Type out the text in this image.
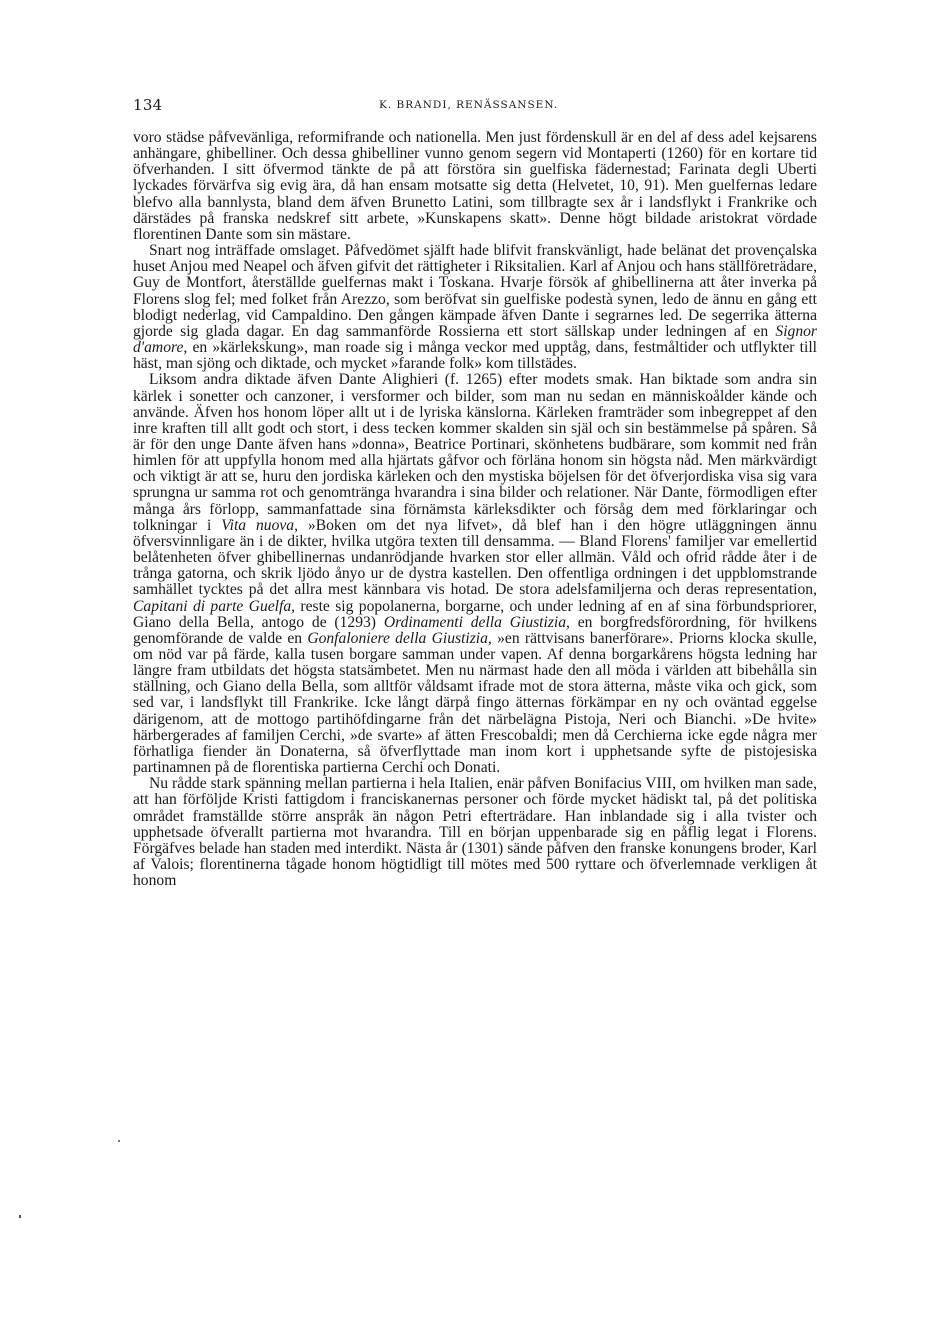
134	K. BRANDI, RENÄSSANSEN.

voro städse påfvevänliga, reformifrande och nationella. Men just fördenskull är en del af dess adel kejsarens anhängare, ghibelliner. Och dessa ghibelliner vunno genom segern vid Montaperti (1260) för en kortare tid öfverhanden. I sitt öfvermod tänkte de på att förstöra sin guelfiska fädernestad; Farinata degli Uberti lyckades förvärfva sig evig ära, då han ensam motsatte sig detta (Helvetet, 10, 91). Men guelfernas ledare blefvo alla bannlysta, bland dem äfven Brunetto Latini, som tillbragte sex år i landsflykt i Frankrike och därstädes på franska nedskref sitt arbete, »Kunskapens skatt». Denne högt bildade aristokrat vördade florentinen Dante som sin mästare.

Snart nog inträffade omslaget. Påfvedömet själft hade blifvit franskvänligt, hade belänat det provençalska huset Anjou med Neapel och äfven gifvit det rättigheter i Riksitalien. Karl af Anjou och hans ställföreträdare, Guy de Montfort, återställde guelfernas makt i Toskana. Hvarje försök af ghibellinerna att åter inverka på Florens slog fel; med folket från Arezzo, som beröfvat sin guelfiske podestà synen, ledo de ännu en gång ett blodigt nederlag, vid Campaldino. Den gången kämpade äfven Dante i segrarnes led. De segerrika ätterna gjorde sig glada dagar. En dag sammanförde Rossierna ett stort sällskap under ledningen af en Signor d'amore, en »kärlekskung», man roade sig i många veckor med upptåg, dans, festmåltider och utflykter till häst, man sjöng och diktade, och mycket »farande folk» kom tillstädes.

Liksom andra diktade äfven Dante Alighieri (f. 1265) efter modets smak. Han biktade som andra sin kärlek i sonetter och canzoner, i versformer och bilder, som man nu sedan en människoålder kände och använde. Äfven hos honom löper allt ut i de lyriska känslorna. Kärleken framträder som inbegreppet af den inre kraften till allt godt och stort, i dess tecken kommer skalden sin själ och sin bestämmelse på spåren. Så är för den unge Dante äfven hans »donna», Beatrice Portinari, skönhetens budbärare, som kommit ned från himlen för att uppfylla honom med alla hjärtats gåfvor och förläna honom sin högsta nåd. Men märkvärdigt och viktigt är att se, huru den jordiska kärleken och den mystiska böjelsen för det öfverjordiska visa sig vara sprungna ur samma rot och genomtränga hvarandra i sina bilder och relationer. När Dante, förmodligen efter många års förlopp, sammanfattade sina förnämsta kärleksdikter och försåg dem med förklaringar och tolkningar i Vita nuova, »Boken om det nya lifvet», då blef han i den högre utläggningen ännu öfversvinnligare än i de dikter, hvilka utgöra texten till densamma. — Bland Florens' familjer var emellertid belåtenheten öfver ghibellinernas undanrödjande hvarken stor eller allmän. Våld och ofrid rådde åter i de trånga gatorna, och skrik ljödo ånyo ur de dystra kastellen. Den offentliga ordningen i det uppblomstrande samhället tycktes på det allra mest kännbara vis hotad. De stora adelsfamiljerna och deras representation, Capitani di parte Guelfa, reste sig popolanerna, borgarne, och under ledning af en af sina förbundspriorer, Giano della Bella, antogo de (1293) Ordinamenti della Giustizia, en borgfredsförordning, för hvilkens genomförande de valde en Gonfaloniere della Giustizia, »en rättvisans banerförare». Priorns klocka skulle, om nöd var på färde, kalla tusen borgare samman under vapen. Af denna borgarkårens högsta ledning har längre fram utbildats det högsta statsämbetet. Men nu närmast hade den all möda i världen att bibehålla sin ställning, och Giano della Bella, som alltför våldsamt ifrade mot de stora ätterna, måste vika och gick, som sed var, i landsflykt till Frankrike. Icke långt därpå fingo ätternas förkämpar en ny och oväntad eggelse därigenom, att de mottogo partihöfdingarne från det närbelägna Pistoja, Neri och Bianchi. »De hvite» härbergerades af familjen Cerchi, »de svarte» af ätten Frescobaldi; men då Cerchierna icke egde några mer förhatliga fiender än Donaterna, så öfverflyttade man inom kort i upphetsande syfte de pistojesiska partinamnen på de florentiska partierna Cerchi och Donati.

Nu rådde stark spänning mellan partierna i hela Italien, enär påfven Bonifacius VIII, om hvilken man sade, att han förföljde Kristi fattigdom i franciskanernas personer och förde mycket hädiskt tal, på det politiska området framställde större anspråk än någon Petri efterträdare. Han inblandade sig i alla tvister och upphetsade öfverallt partierna mot hvarandra. Till en början uppenbarade sig en påflig legat i Florens. Förgäfves belade han staden med interdikt. Nästa år (1301) sände påfven den franske konungens broder, Karl af Valois; florentinerna tågade honom högtidligt till mötes med 500 ryttare och öfverlemnade verkligen åt honom
